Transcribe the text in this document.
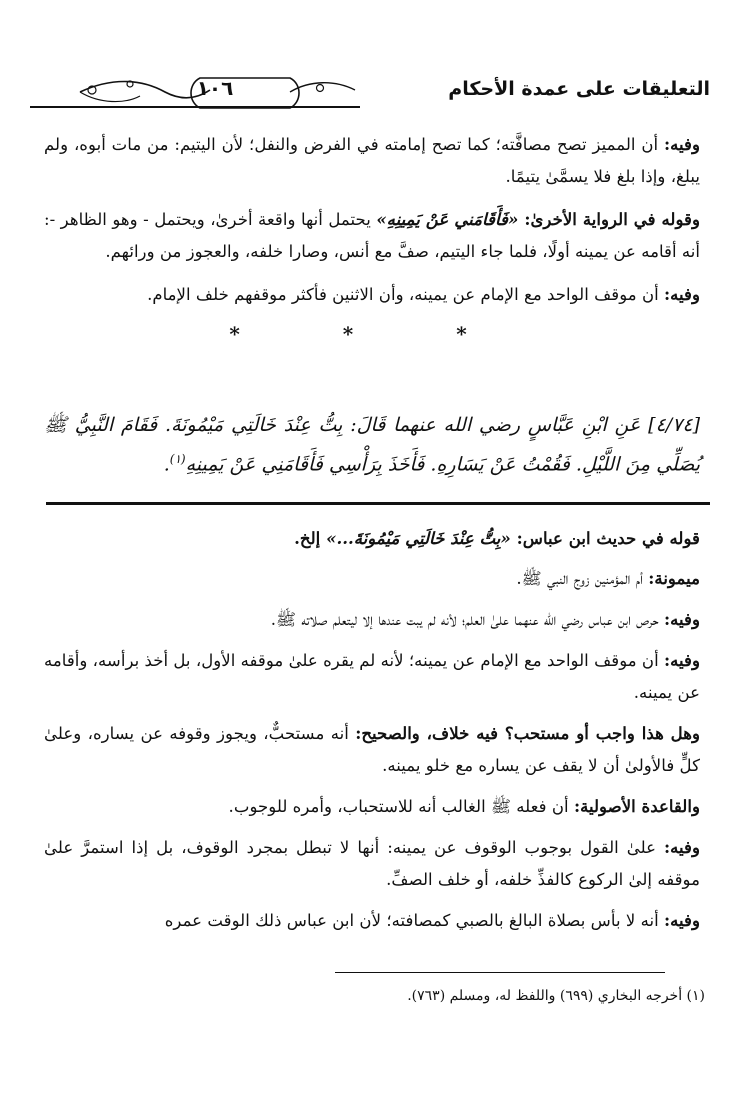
التعليقات على عمدة الأحكام
١٠٦

وفيه: أن المميز تصح مصافَّته؛ كما تصح إمامته في الفرض والنفل؛ لأن اليتيم: من مات أبوه، ولم يبلغ، وإذا بلغ فلا يسمَّىٰ يتيمًا.

وقوله في الرواية الأخرىٰ: «فَأَقَامَني عَنْ يَمِينِهِ» يحتمل أنها واقعة أخرىٰ، ويحتمل - وهو الظاهر -: أنه أقامه عن يمينه أولًا، فلما جاء اليتيم، صفَّ مع أنس، وصارا خلفه، والعجوز من ورائهم.

وفيه: أن موقف الواحد مع الإمام عن يمينه، وأن الاثنين فأكثر موقفهم خلف الإمام.

* * *
[٤/٧٤] عَنِ ابْنِ عَبَّاسٍ رضي الله عنهما قَالَ: بِتُّ عِنْدَ خَالَتِي مَيْمُونَةَ. فَقَامَ النَّبِيُّ ﷺ يُصَلِّي مِنَ اللَّيْلِ. فَقُمْتُ عَنْ يَسَارِهِ. فَأَخَذَ بِرَأْسِي فَأَقَامَنِي عَنْ يَمِينِهِ$^{(١)}$.

قوله في حديث ابن عباس: «بِتُّ عِنْدَ خَالَتِي مَيْمُونَةَ...» إلخ.

ميمونة: أم المؤمنين زوج النبي ﷺ.

وفيه: حرص ابن عباس رضي الله عنهما علىٰ العلم؛ لأنه لم يبت عندها إلا ليتعلم صلاته ﷺ.

وفيه: أن موقف الواحد مع الإمام عن يمينه؛ لأنه لم يقره علىٰ موقفه الأول، بل أخذ برأسه، وأقامه عن يمينه.

وهل هذا واجب أو مستحب؟ فيه خلاف، والصحيح: أنه مستحبٌّ، ويجوز وقوفه عن يساره، وعلىٰ كلٍّ فالأولىٰ أن لا يقف عن يساره مع خلو يمينه.

والقاعدة الأصولية: أن فعله ﷺ الغالب أنه للاستحباب، وأمره للوجوب.

وفيه: علىٰ القول بوجوب الوقوف عن يمينه: أنها لا تبطل بمجرد الوقوف، بل إذا استمرَّ علىٰ موقفه إلىٰ الركوع كالفذِّ خلفه، أو خلف الصفِّ.

وفيه: أنه لا بأس بصلاة البالغ بالصبي كمصافته؛ لأن ابن عباس ذلك الوقت عمره

(١) أخرجه البخاري (٦٩٩) واللفظ له، ومسلم (٧٦٣).
